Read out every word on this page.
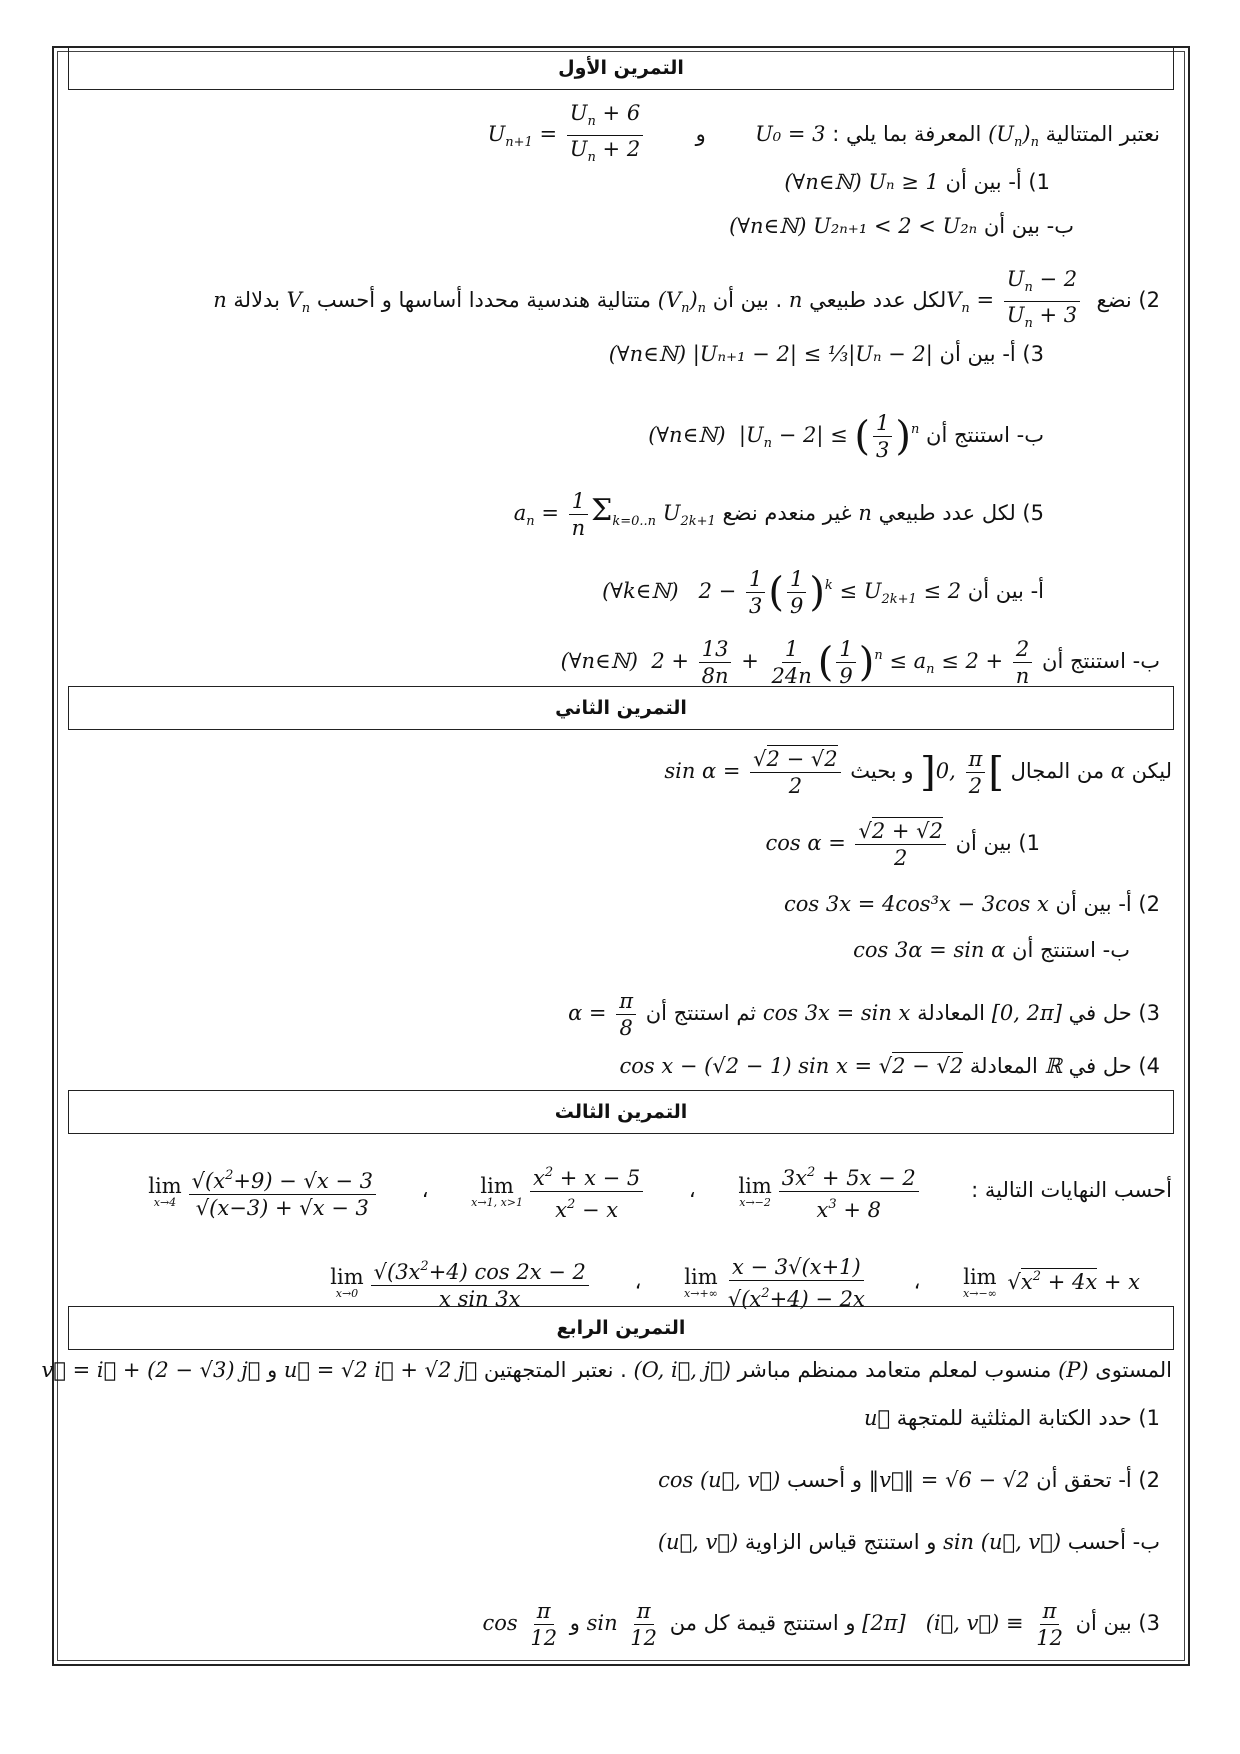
التمرين الأول
نعتبر المتتالية $(U_n)_n$ المعرفة بما يلي : U₀ = 3  و  $U_{n+1} = \frac{U_n + 6}{U_n + 2}$
1) أ- بين أن (∀n∈ℕ) Uₙ ≥ 1
ب- بين أن (∀n∈ℕ) U₂ₙ₊₁ < 2 < U₂ₙ
2) نضع $V_n = \frac{U_n - 2}{U_n + 3}$
لكل عدد طبيعي n . بين أن $(V_n)_n$ متتالية هندسية محددا أساسها و أحسب $V_n$ بدلالة n
3) أ- بين أن (∀n∈ℕ) |Uₙ₊₁ − 2| ≤ ⅓|Uₙ − 2|
ب- استنتج أن (∀n∈ℕ)  $|U_n - 2|$ ≤ ( $\frac{1}{3} )^n$
5) لكل عدد طبيعي n غير منعدم نضع $a_n = \frac{1}{n} \Sigma_{k=0..n}$ $U_{2k+1}$
أ- بين أن (∀k∈ℕ)   $2 - \frac{1}{3}$ ( $\frac{1}{9} )^k \le U_{2k+1} \le 2$
ب- استنتج أن (∀n∈ℕ)  $2 + \frac{13}{8n} + \frac{1}{24n}$ ( $\frac{1}{9} )^n \le a_n \le 2 + \frac{2}{n}$
التمرين الثاني
ليكن α من المجال ]0, $\frac{\pi}{2}$ [ و بحيث $\sin \alpha = \frac{√2 - √2}{2}$
1) بين أن $\cos \alpha = \frac{√2 + √2}{2}$
2) أ- بين أن cos 3x = 4cos³x − 3cos x
ب- استنتج أن cos 3α = sin α
3) حل في [0, 2π] المعادلة cos 3x = sin x ثم استنتج أن $\alpha = \frac{\pi}{8}$
4) حل في ℝ المعادلة cos x − (√2 − 1) sin x = √2 − √2
التمرين الثالث
أحسب النهايات التالية :
lim
$x\to-2 \frac{3x^2 + 5x - 2}{x^3 + 8}$
،
lim
x→1, $x>1 \frac{x^2 + x - 5}{x^2 - x}$
،
lim
$x\to 4 \frac{√(x^2+9) - √x - 3}{√(x-3) + √x - 3}$
lim
x→−∞ $√x^2 + 4x + x$ ،
lim
$x\to+\infty \frac{x - 3√(x+1)}{√(x^2+4) - 2x}$
،
lim
$x\to 0 \frac{√(3x^2+4) \cos 2x - 2}{\text{x sin 3x}}$
التمرين الرابع
المستوى (P) منسوب لمعلم متعامد ممنظم مباشر (O, i⃗, j⃗) . نعتبر المتجهتين u⃗ = √2 i⃗ + √2 j⃗ و v⃗ = i⃗ + (2 − √3) j⃗
1) حدد الكتابة المثلثية للمتجهة u⃗
2) أ- تحقق أن ‖v⃗‖ = √6 − √2 و أحسب cos (u⃗, v⃗)
ب- أحسب sin (u⃗, v⃗) و استنتج قياس الزاوية (u⃗, v⃗)
3) بين أن [2π]   (i⃗, v⃗) ≡ $\frac{\pi}{12}$
و استنتج قيمة كل من $\sin \frac{\pi}{12}$
و $\cos \frac{\pi}{12}$
